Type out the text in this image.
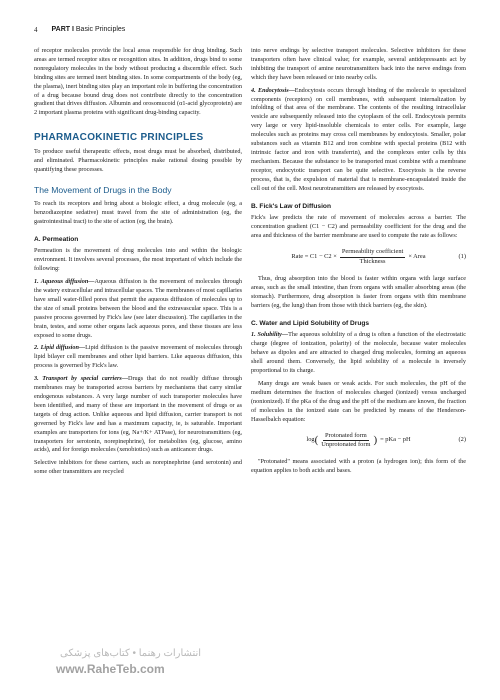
4 PART I Basic Principles

of receptor molecules provide the local areas responsible for drug binding. Such areas are termed receptor sites or recognition sites. In addition, drugs bind to some nonregulatory molecules in the body without producing a discernible effect. Such binding sites are termed inert binding sites. In some compartments of the body (eg, the plasma), inert binding sites play an important role in buffering the concentration of a drug because bound drug does not contribute directly to the concentration gradient that drives diffusion. Albumin and orosomucoid (α1-acid glycoprotein) are 2 important plasma proteins with significant drug-binding capacity.

PHARMACOKINETIC PRINCIPLES

To produce useful therapeutic effects, most drugs must be absorbed, distributed, and eliminated. Pharmacokinetic principles make rational dosing possible by quantifying these processes.

The Movement of Drugs in the Body

To reach its receptors and bring about a biologic effect, a drug molecule (eg, a benzodiazepine sedative) must travel from the site of administration (eg, the gastrointestinal tract) to the site of action (eg, the brain).

A. Permeation

Permeation is the movement of drug molecules into and within the biologic environment. It involves several processes, the most important of which include the following:

1. Aqueous diffusion—Aqueous diffusion is the movement of molecules through the watery extracellular and intracellular spaces. The membranes of most capillaries have small water-filled pores that permit the aqueous diffusion of molecules up to the size of small proteins between the blood and the extravascular space. This is a passive process governed by Fick's law (see later discussion). The capillaries in the brain, testes, and some other organs lack aqueous pores, and these tissues are less exposed to some drugs.

2. Lipid diffusion—Lipid diffusion is the passive movement of molecules through lipid bilayer cell membranes and other lipid barriers. Like aqueous diffusion, this process is governed by Fick's law.

3. Transport by special carriers—Drugs that do not readily diffuse through membranes may be transported across barriers by mechanisms that carry similar endogenous substances. A very large number of such transporter molecules have been identified, and many of these are important in the movement of drugs or as targets of drug action. Unlike aqueous and lipid diffusion, carrier transport is not governed by Fick's law and has a maximum capacity, ie, is saturable. Important examples are transporters for ions (eg, Na+/K+ ATPase), for neurotransmitters (eg, transporters for serotonin, norepinephrine), for metabolites (eg, glucose, amino acids), and for foreign molecules (xenobiotics) such as anticancer drugs.

Selective inhibitors for these carriers, such as norepinephrine (and serotonin) and some other transmitters are recycled

into nerve endings by selective transport molecules. Selective inhibitors for these transporters often have clinical value; for example, several antidepressants act by inhibiting the transport of amine neurotransmitters back into the nerve endings from which they have been released or into nearby cells.

4. Endocytosis—Endocytosis occurs through binding of the molecule to specialized components (receptors) on cell membranes, with subsequent internalization by infolding of that area of the membrane. The contents of the resulting intracellular vesicle are subsequently released into the cytoplasm of the cell. Endocytosis permits very large or very lipid-insoluble chemicals to enter cells. For example, large molecules such as proteins may cross cell membranes by endocytosis. Smaller, polar substances such as vitamin B12 and iron combine with special proteins (B12 with intrinsic factor and iron with transferrin), and the complexes enter cells by this mechanism. Because the substance to be transported must combine with a membrane receptor, endocytotic transport can be quite selective. Exocytosis is the reverse process, that is, the expulsion of material that is membrane-encapsulated inside the cell out of the cell. Most neurotransmitters are released by exocytosis.

B. Fick's Law of Diffusion

Fick's law predicts the rate of movement of molecules across a barrier. The concentration gradient (C1 − C2) and permeability coefficient for the drug and the area and thickness of the barrier membrane are used to compute the rate as follows:

Rate = $C1 - C2 \times \frac{\text{Permeability coefficient}}{\text{Thickness}}$ × Area	(1)

Thus, drug absorption into the blood is faster within organs with large surface areas, such as the small intestine, than from organs with smaller absorbing areas (the stomach). Furthermore, drug absorption is faster from organs with thin membrane barriers (eg, the lung) than from those with thick barriers (eg, the skin).

C. Water and Lipid Solubility of Drugs

1. Solubility—The aqueous solubility of a drug is often a function of the electrostatic charge (degree of ionization, polarity) of the molecule, because water molecules behave as dipoles and are attracted to charged drug molecules, forming an aqueous shell around them. Conversely, the lipid solubility of a molecule is inversely proportional to its charge.

Many drugs are weak bases or weak acids. For such molecules, the pH of the medium determines the fraction of molecules charged (ionized) versus uncharged (nonionized). If the pKa of the drug and the pH of the medium are known, the fraction of molecules in the ionized state can be predicted by means of the Henderson-Hasselbalch equation:

log ( $\frac{\text{Protonated form}}{\text{Unprotonated form}}$ ) = pKa − pH	(2)

"Protonated" means associated with a proton (a hydrogen ion); this form of the equation applies to both acids and bases.

انتشارات رهنما • کتاب‌های پزشکی
www.RaheTeb.com
